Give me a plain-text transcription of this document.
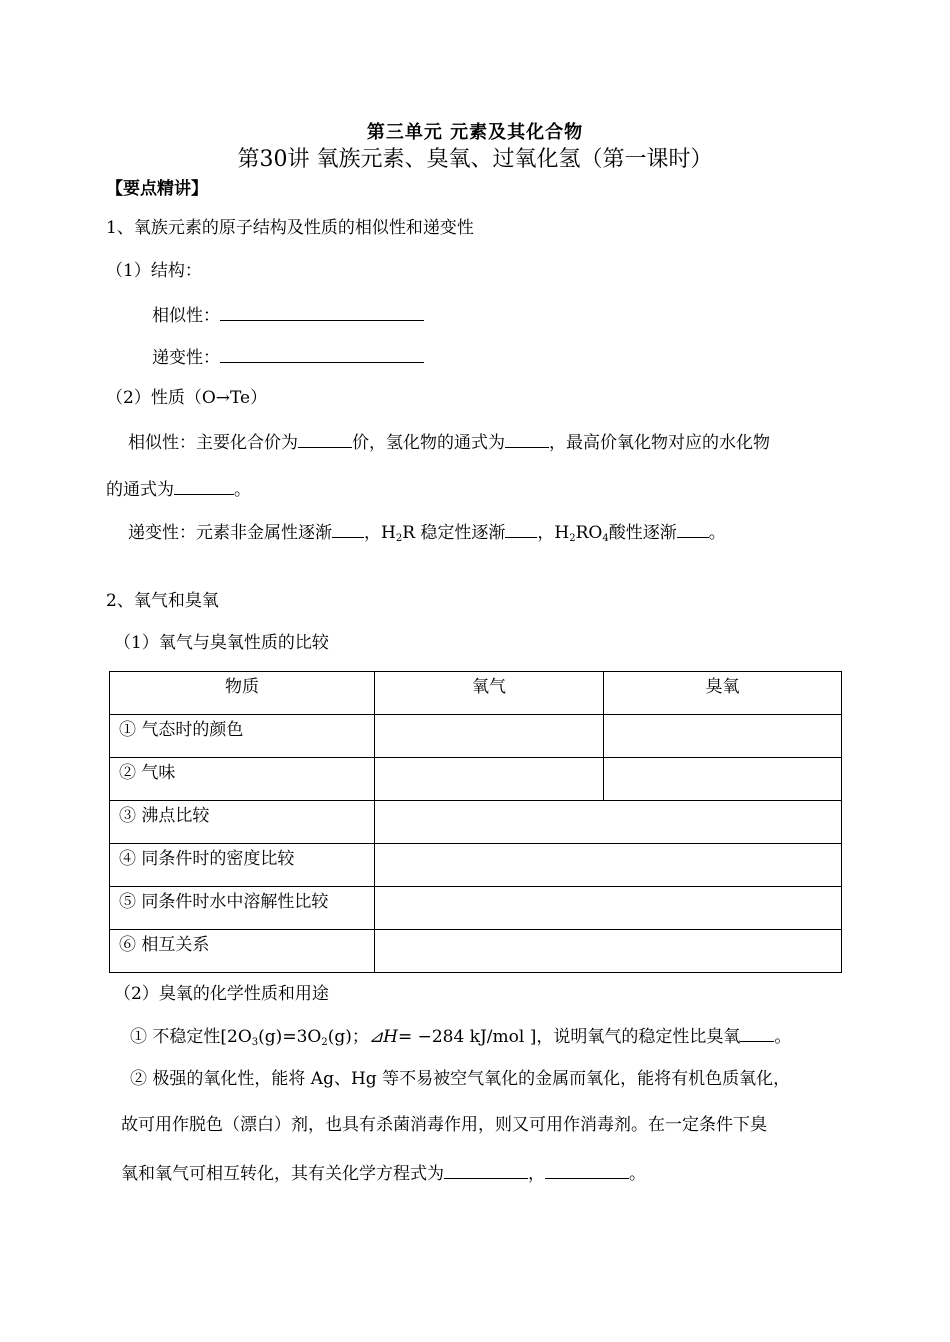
第三单元 元素及其化合物
第30讲 氧族元素、臭氧、过氧化氢（第一课时）
【要点精讲】
1、氧族元素的原子结构及性质的相似性和递变性
（1）结构：
相似性：
递变性：
（2）性质（O→Te）
相似性：主要化合价为	价，氢化物的通式为	，最高价氧化物对应的水化物
的通式为	。
递变性：元素非金属性逐渐 ，$H_2R$ 稳定性逐渐 ，$H_2RO_4$酸性逐渐 。
2、氧气和臭氧
（1）氧气与臭氧性质的比较
物质	氧气	臭氧
① 气态时的颜色		
② 气味		
③ 沸点比较		
④ 同条件时的密度比较		
⑤ 同条件时水中溶解性比较		
⑥ 相互关系		
（2）臭氧的化学性质和用途
① 不稳定性[$2O_3(g)=3O_2(g)$；⊿H= −284 kJ/mol ]，说明氧气的稳定性比臭氧 。
② 极强的氧化性，能将 Ag、Hg 等不易被空气氧化的金属而氧化，能将有机色质氧化，
故可用作脱色（漂白）剂，也具有杀菌消毒作用，则又可用作消毒剂。在一定条件下臭
氧和氧气可相互转化，其有关化学方程式为	，	。
